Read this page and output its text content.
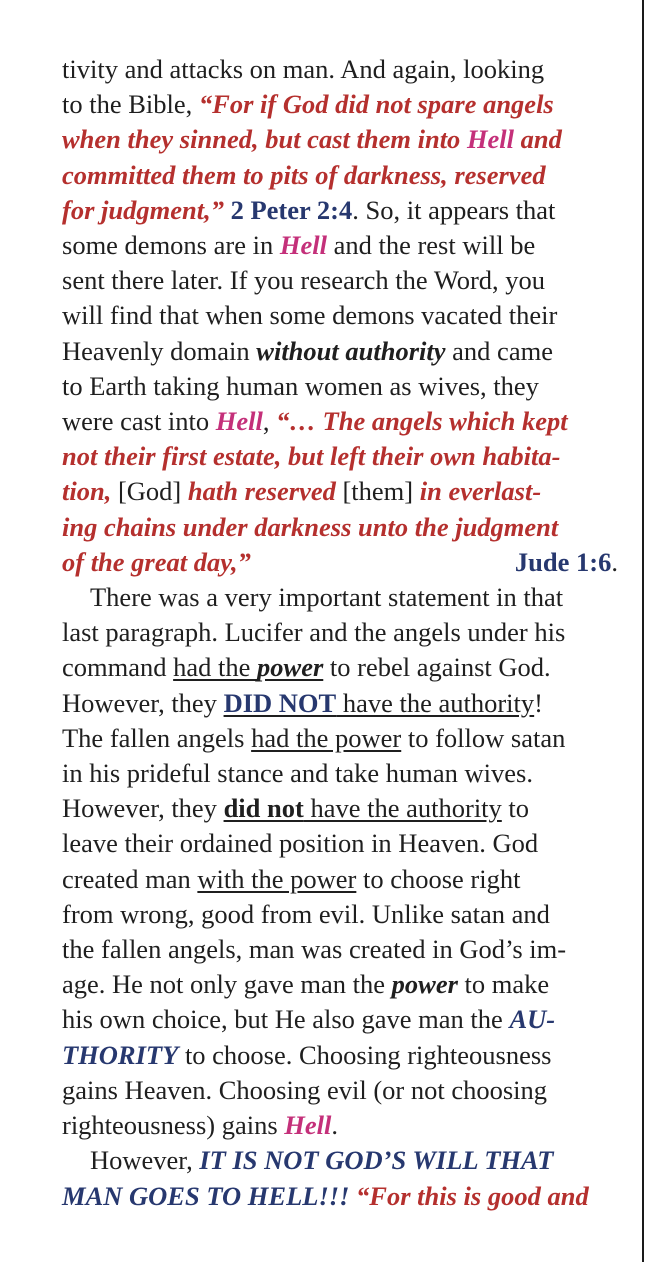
tivity and attacks on man. And again, looking
to the Bible, “For if God did not spare angels
when they sinned, but cast them into Hell and
committed them to pits of darkness, reserved
for judgment,” 2 Peter 2:4. So, it appears that
some demons are in Hell and the rest will be
sent there later. If you research the Word, you
will find that when some demons vacated their
Heavenly domain without authority and came
to Earth taking human women as wives, they
were cast into Hell, “… The angels which kept
not their first estate, but left their own habita-
tion, [God] hath reserved [them] in everlast-
ing chains under darkness unto the judgment
of the great day,”	Jude 1:6.
There was a very important statement in that
last paragraph. Lucifer and the angels under his
command had the power to rebel against God.
However, they DID NOT have the authority!
The fallen angels had the power to follow satan
in his prideful stance and take human wives.
However, they did not have the authority to
leave their ordained position in Heaven. God
created man with the power to choose right
from wrong, good from evil. Unlike satan and
the fallen angels, man was created in God’s im-
age. He not only gave man the power to make
his own choice, but He also gave man the AU-
THORITY to choose. Choosing righteousness
gains Heaven. Choosing evil (or not choosing
righteousness) gains Hell.
However, IT IS NOT GOD’S WILL THAT
MAN GOES TO HELL!!! “For this is good and
